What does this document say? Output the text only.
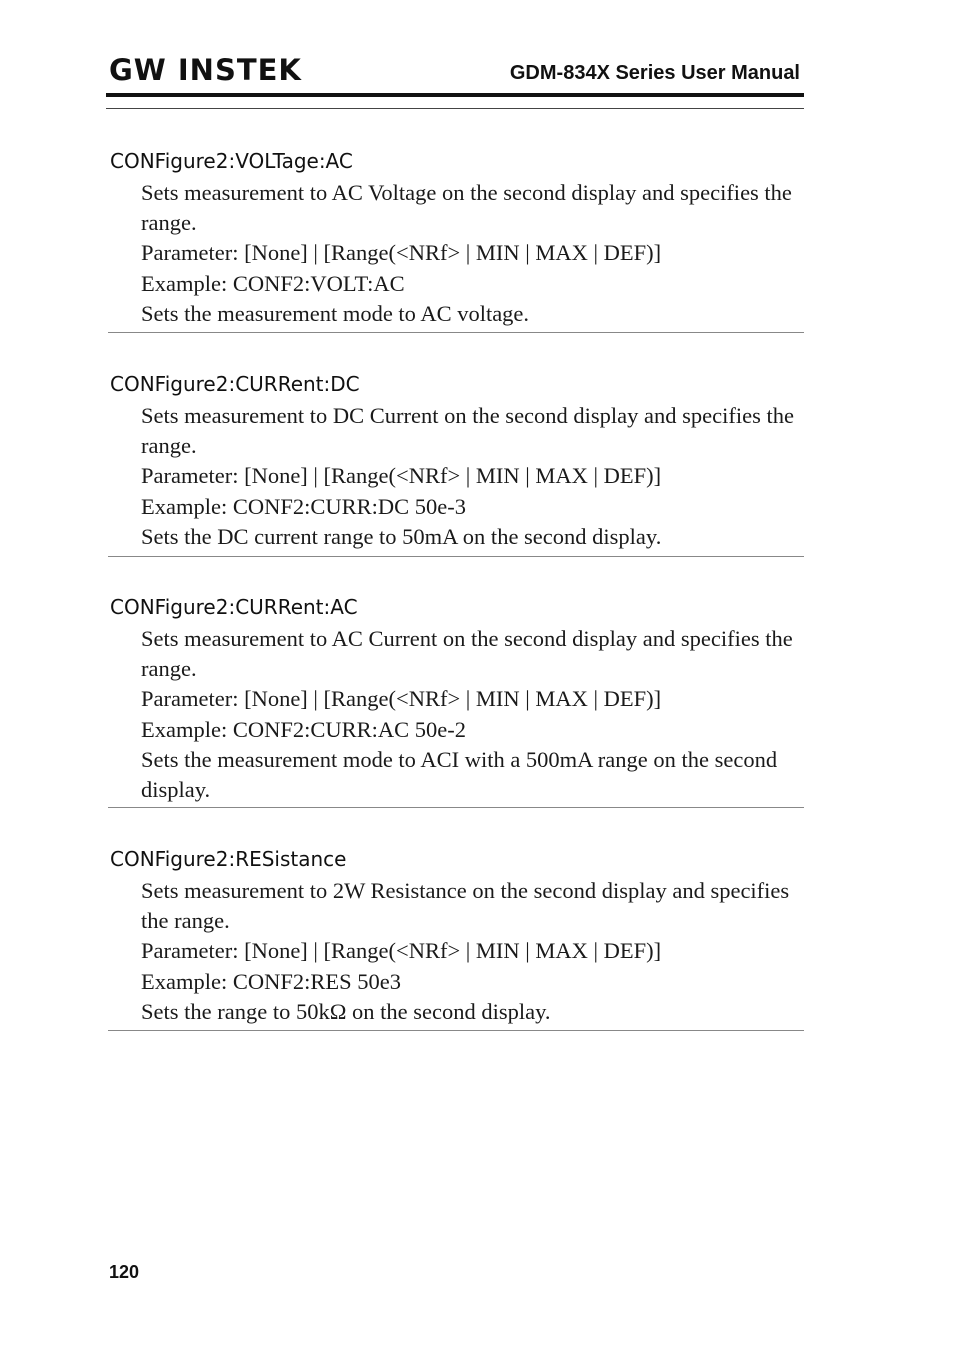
GW INSTEK	GDM-834X Series User Manual
CONFigure2:VOLTage:AC

Sets measurement to AC Voltage on the second display and specifies the range.

Parameter: [None] | [Range(<NRf> | MIN | MAX | DEF)]

Example: CONF2:VOLT:AC

Sets the measurement mode to AC voltage.

CONFigure2:CURRent:DC

Sets measurement to DC Current on the second display and specifies the range.

Parameter: [None] | [Range(<NRf> | MIN | MAX | DEF)]

Example: CONF2:CURR:DC 50e-3

Sets the DC current range to 50mA on the second display.

CONFigure2:CURRent:AC

Sets measurement to AC Current on the second display and specifies the range.

Parameter: [None] | [Range(<NRf> | MIN | MAX | DEF)]

Example: CONF2:CURR:AC 50e-2

Sets the measurement mode to ACI with a 500mA range on the second display.

CONFigure2:RESistance

Sets measurement to 2W Resistance on the second display and specifies the range.

Parameter: [None] | [Range(<NRf> | MIN | MAX | DEF)]

Example: CONF2:RES 50e3

Sets the range to 50kΩ on the second display.

120
